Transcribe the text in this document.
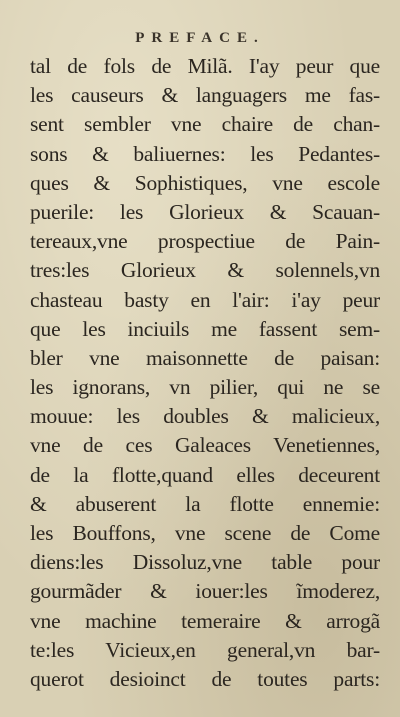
PREFACE.
tal de fols de Milã. I'ay peur que
les causeurs & languagers me fas-
sent sembler vne chaire de chan-
sons & baliuernes: les Pedantes-
ques & Sophistiques, vne escole
puerile: les Glorieux & Scauan-
tereaux,vne prospectiue de Pain-
tres:les Glorieux & solennels,vn
chasteau basty en l'air: i'ay peur
que les inciuils me fassent sem-
bler vne maisonnette de paisan:
les ignorans, vn pilier, qui ne se
mouue: les doubles & malicieux,
vne de ces Galeaces Venetiennes,
de la flotte,quand elles deceurent
& abuserent la flotte ennemie:
les Bouffons, vne scene de Come
diens:les Dissoluz,vne table pour
gourmãder & iouer:les ĩmoderez,
vne machine temeraire & arrogã
te:les Vicieux,en general,vn bar-
querot desioinct de toutes parts:
